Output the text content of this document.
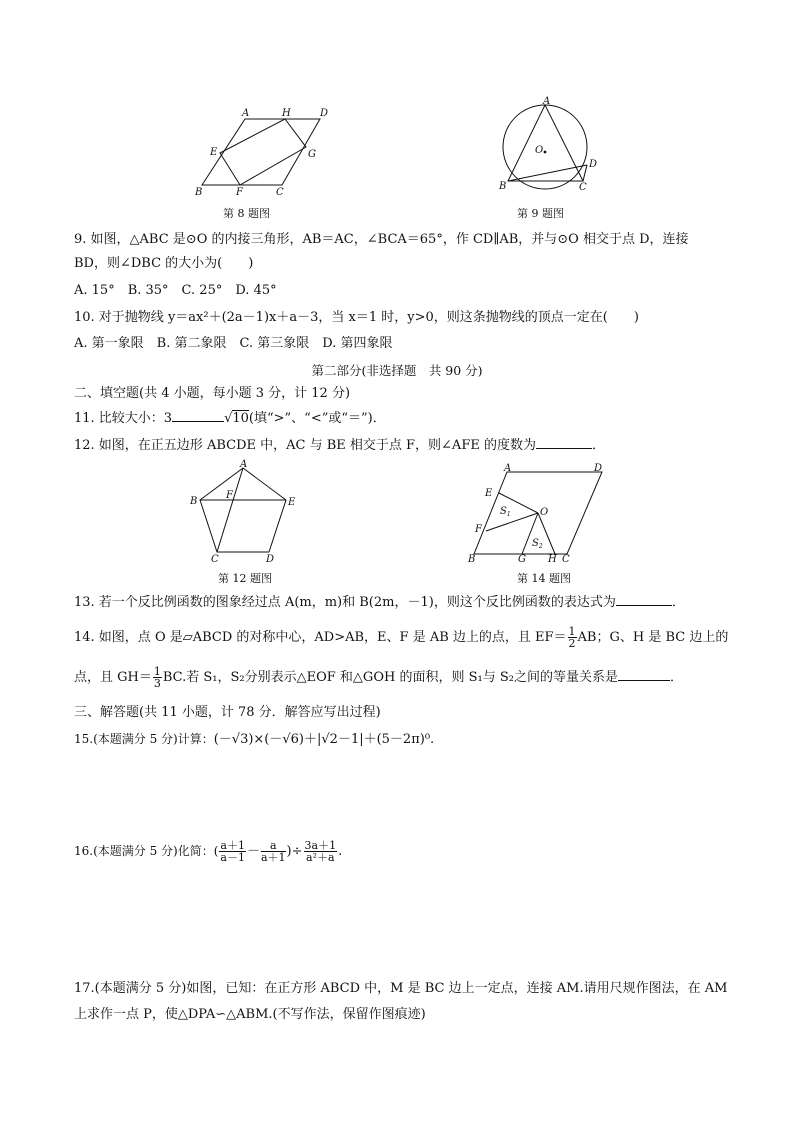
A	H	D
E	G
B	F	C
第 8 题图
A
O
D
B	C
第 9 题图
9. 如图，△ABC 是⊙O 的内接三角形，AB＝AC，∠BCA＝65°，作 CD∥AB，并与⊙O 相交于点 D，连接
BD，则∠DBC 的大小为(　　)
A. 15°　B. 35°　C. 25°　D. 45°
10. 对于抛物线 y＝ax²＋(2a－1)x＋a－3，当 x＝1 时，y>0，则这条抛物线的顶点一定在(　　)
A. 第一象限　B. 第二象限　C. 第三象限　D. 第四象限
第二部分(非选择题　共 90 分)
二、填空题(共 4 小题，每小题 3 分，计 12 分)
11. 比较大小：3	√10(填“>”、“<”或“＝”)．
12. 如图，在正五边形 ABCDE 中，AC 与 BE 相交于点 F，则∠AFE 的度数为	．
A
F
B	E
C	D
第 12 题图
A	D
E
$S_1$	O
F
$S_2$
B	G H C
第 14 题图
13. 若一个反比例函数的图象经过点 A(m，m)和 B(2m，－1)，则这个反比例函数的表达式为	．
14. 如图，点 O 是▱ABCD 的对称中心，AD>AB，E、F 是 AB 边上的点，且 $EF= \frac{1}{2}$ AB；G、H 是 BC 边上的
点，且 $GH= \frac{1}{3}$ BC.若 S₁，S₂分别表示△EOF 和△GOH 的面积，则 S₁与 S₂之间的等量关系是	．
三、解答题(共 11 小题，计 78 分．解答应写出过程)
15.(本题满分 5 分)计算：(－√3)×(－√6)＋|√2－1|＋(5－2π)⁰.
16.(本题满分 5 分)化简：( $\frac{a+1}{a-1} - \frac{a}{a+1}$ )÷ $\frac{3a+1}{\text{a²＋a}}$ .
17.(本题满分 5 分)如图，已知：在正方形 ABCD 中，M 是 BC 边上一定点，连接 AM.请用尺规作图法，在 AM
上求作一点 P，使△DPA∽△ABM.(不写作法，保留作图痕迹)
